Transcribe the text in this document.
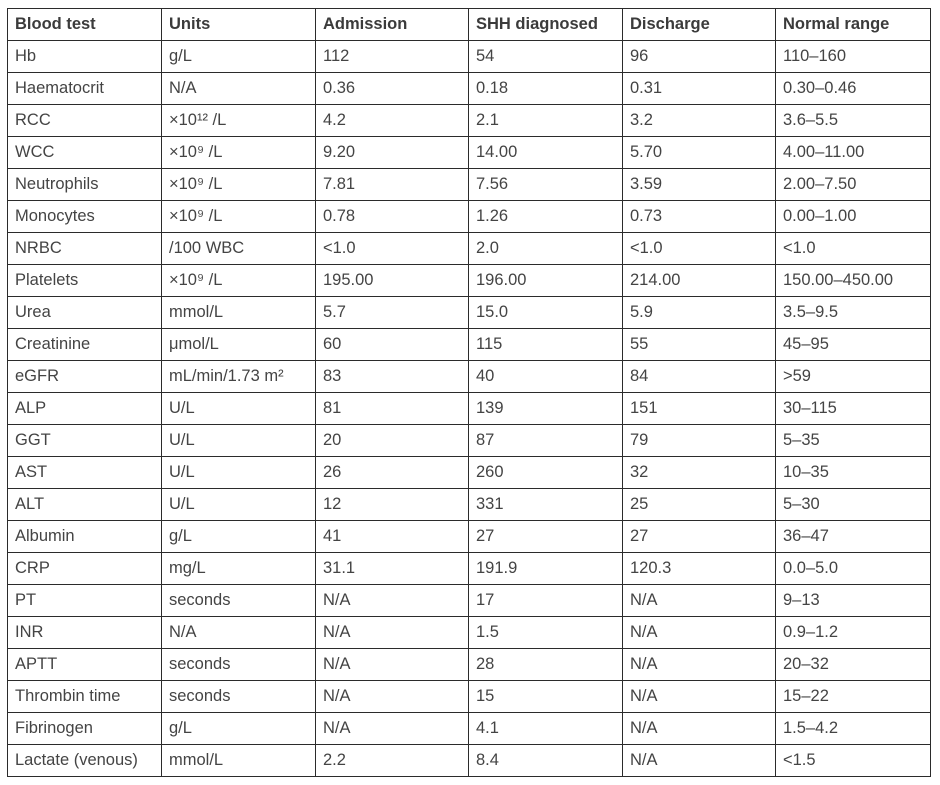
Blood test	Units	Admission	SHH diagnosed	Discharge	Normal range
Hb	g/L	112	54	96	110–160
Haematocrit	N/A	0.36	0.18	0.31	0.30–0.46
RCC	×10¹² /L	4.2	2.1	3.2	3.6–5.5
WCC	×10⁹ /L	9.20	14.00	5.70	4.00–11.00
Neutrophils	×10⁹ /L	7.81	7.56	3.59	2.00–7.50
Monocytes	×10⁹ /L	0.78	1.26	0.73	0.00–1.00
NRBC	/100 WBC	<1.0	2.0	<1.0	<1.0
Platelets	×10⁹ /L	195.00	196.00	214.00	150.00–450.00
Urea	mmol/L	5.7	15.0	5.9	3.5–9.5
Creatinine	μmol/L	60	115	55	45–95
eGFR	mL/min/1.73 m²	83	40	84	>59
ALP	U/L	81	139	151	30–115
GGT	U/L	20	87	79	5–35
AST	U/L	26	260	32	10–35
ALT	U/L	12	331	25	5–30
Albumin	g/L	41	27	27	36–47
CRP	mg/L	31.1	191.9	120.3	0.0–5.0
PT	seconds	N/A	17	N/A	9–13
INR	N/A	N/A	1.5	N/A	0.9–1.2
APTT	seconds	N/A	28	N/A	20–32
Thrombin time	seconds	N/A	15	N/A	15–22
Fibrinogen	g/L	N/A	4.1	N/A	1.5–4.2
Lactate (venous)	mmol/L	2.2	8.4	N/A	<1.5
